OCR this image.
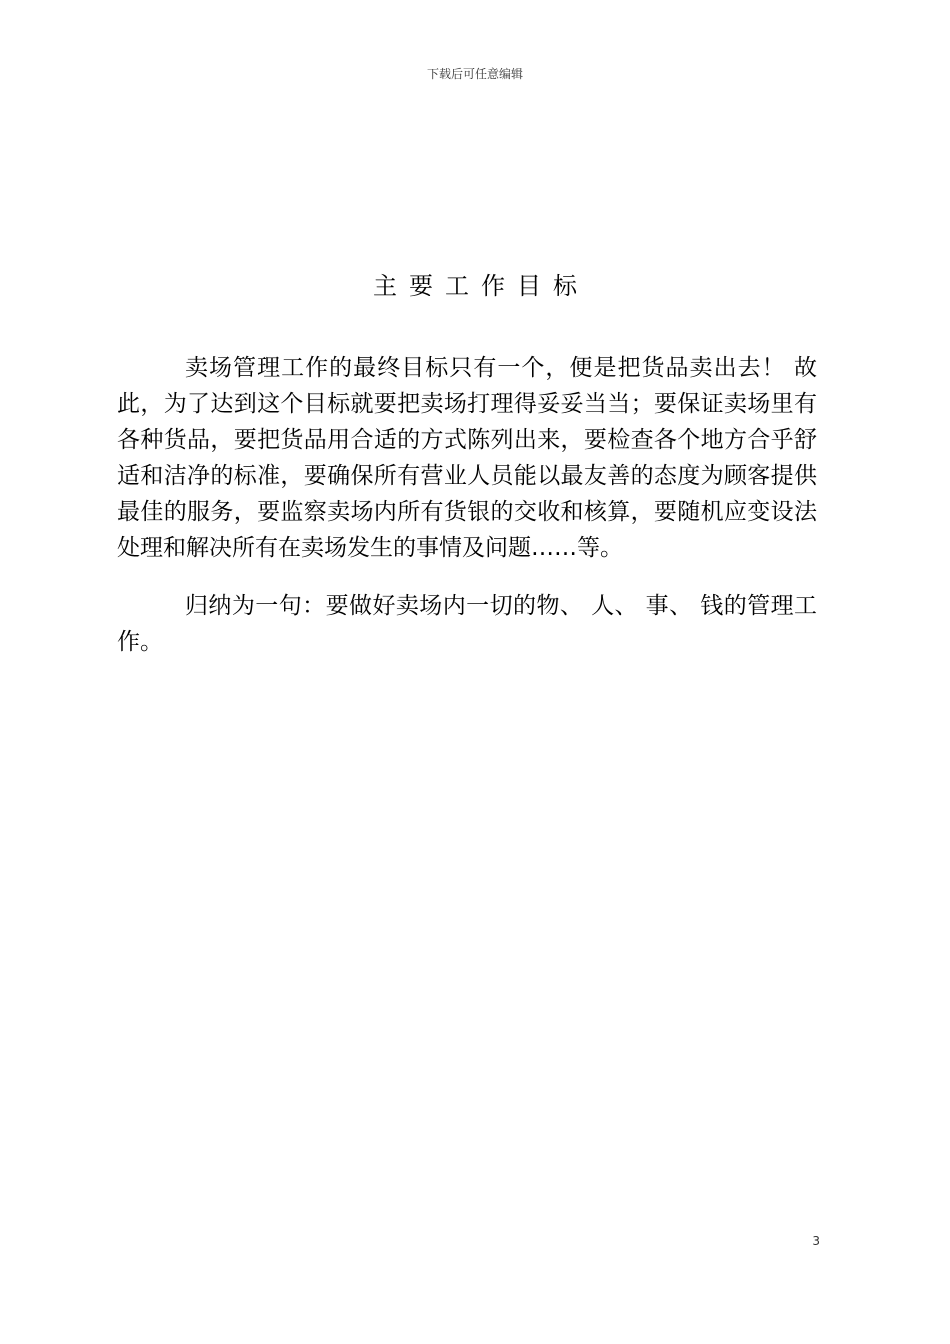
下载后可任意编辑
主要工作目标

卖场管理工作的最终目标只有一个，便是把货品卖出去！ 故此，为了达到这个目标就要把卖场打理得妥妥当当；要保证卖场里有各种货品，要把货品用合适的方式陈列出来，要检查各个地方合乎舒适和洁净的标准，要确保所有营业人员能以最友善的态度为顾客提供最佳的服务，要监察卖场内所有货银的交收和核算，要随机应变设法处理和解决所有在卖场发生的事情及问题……等。

归纳为一句：要做好卖场内一切的物、 人、 事、 钱的管理工作。

3
